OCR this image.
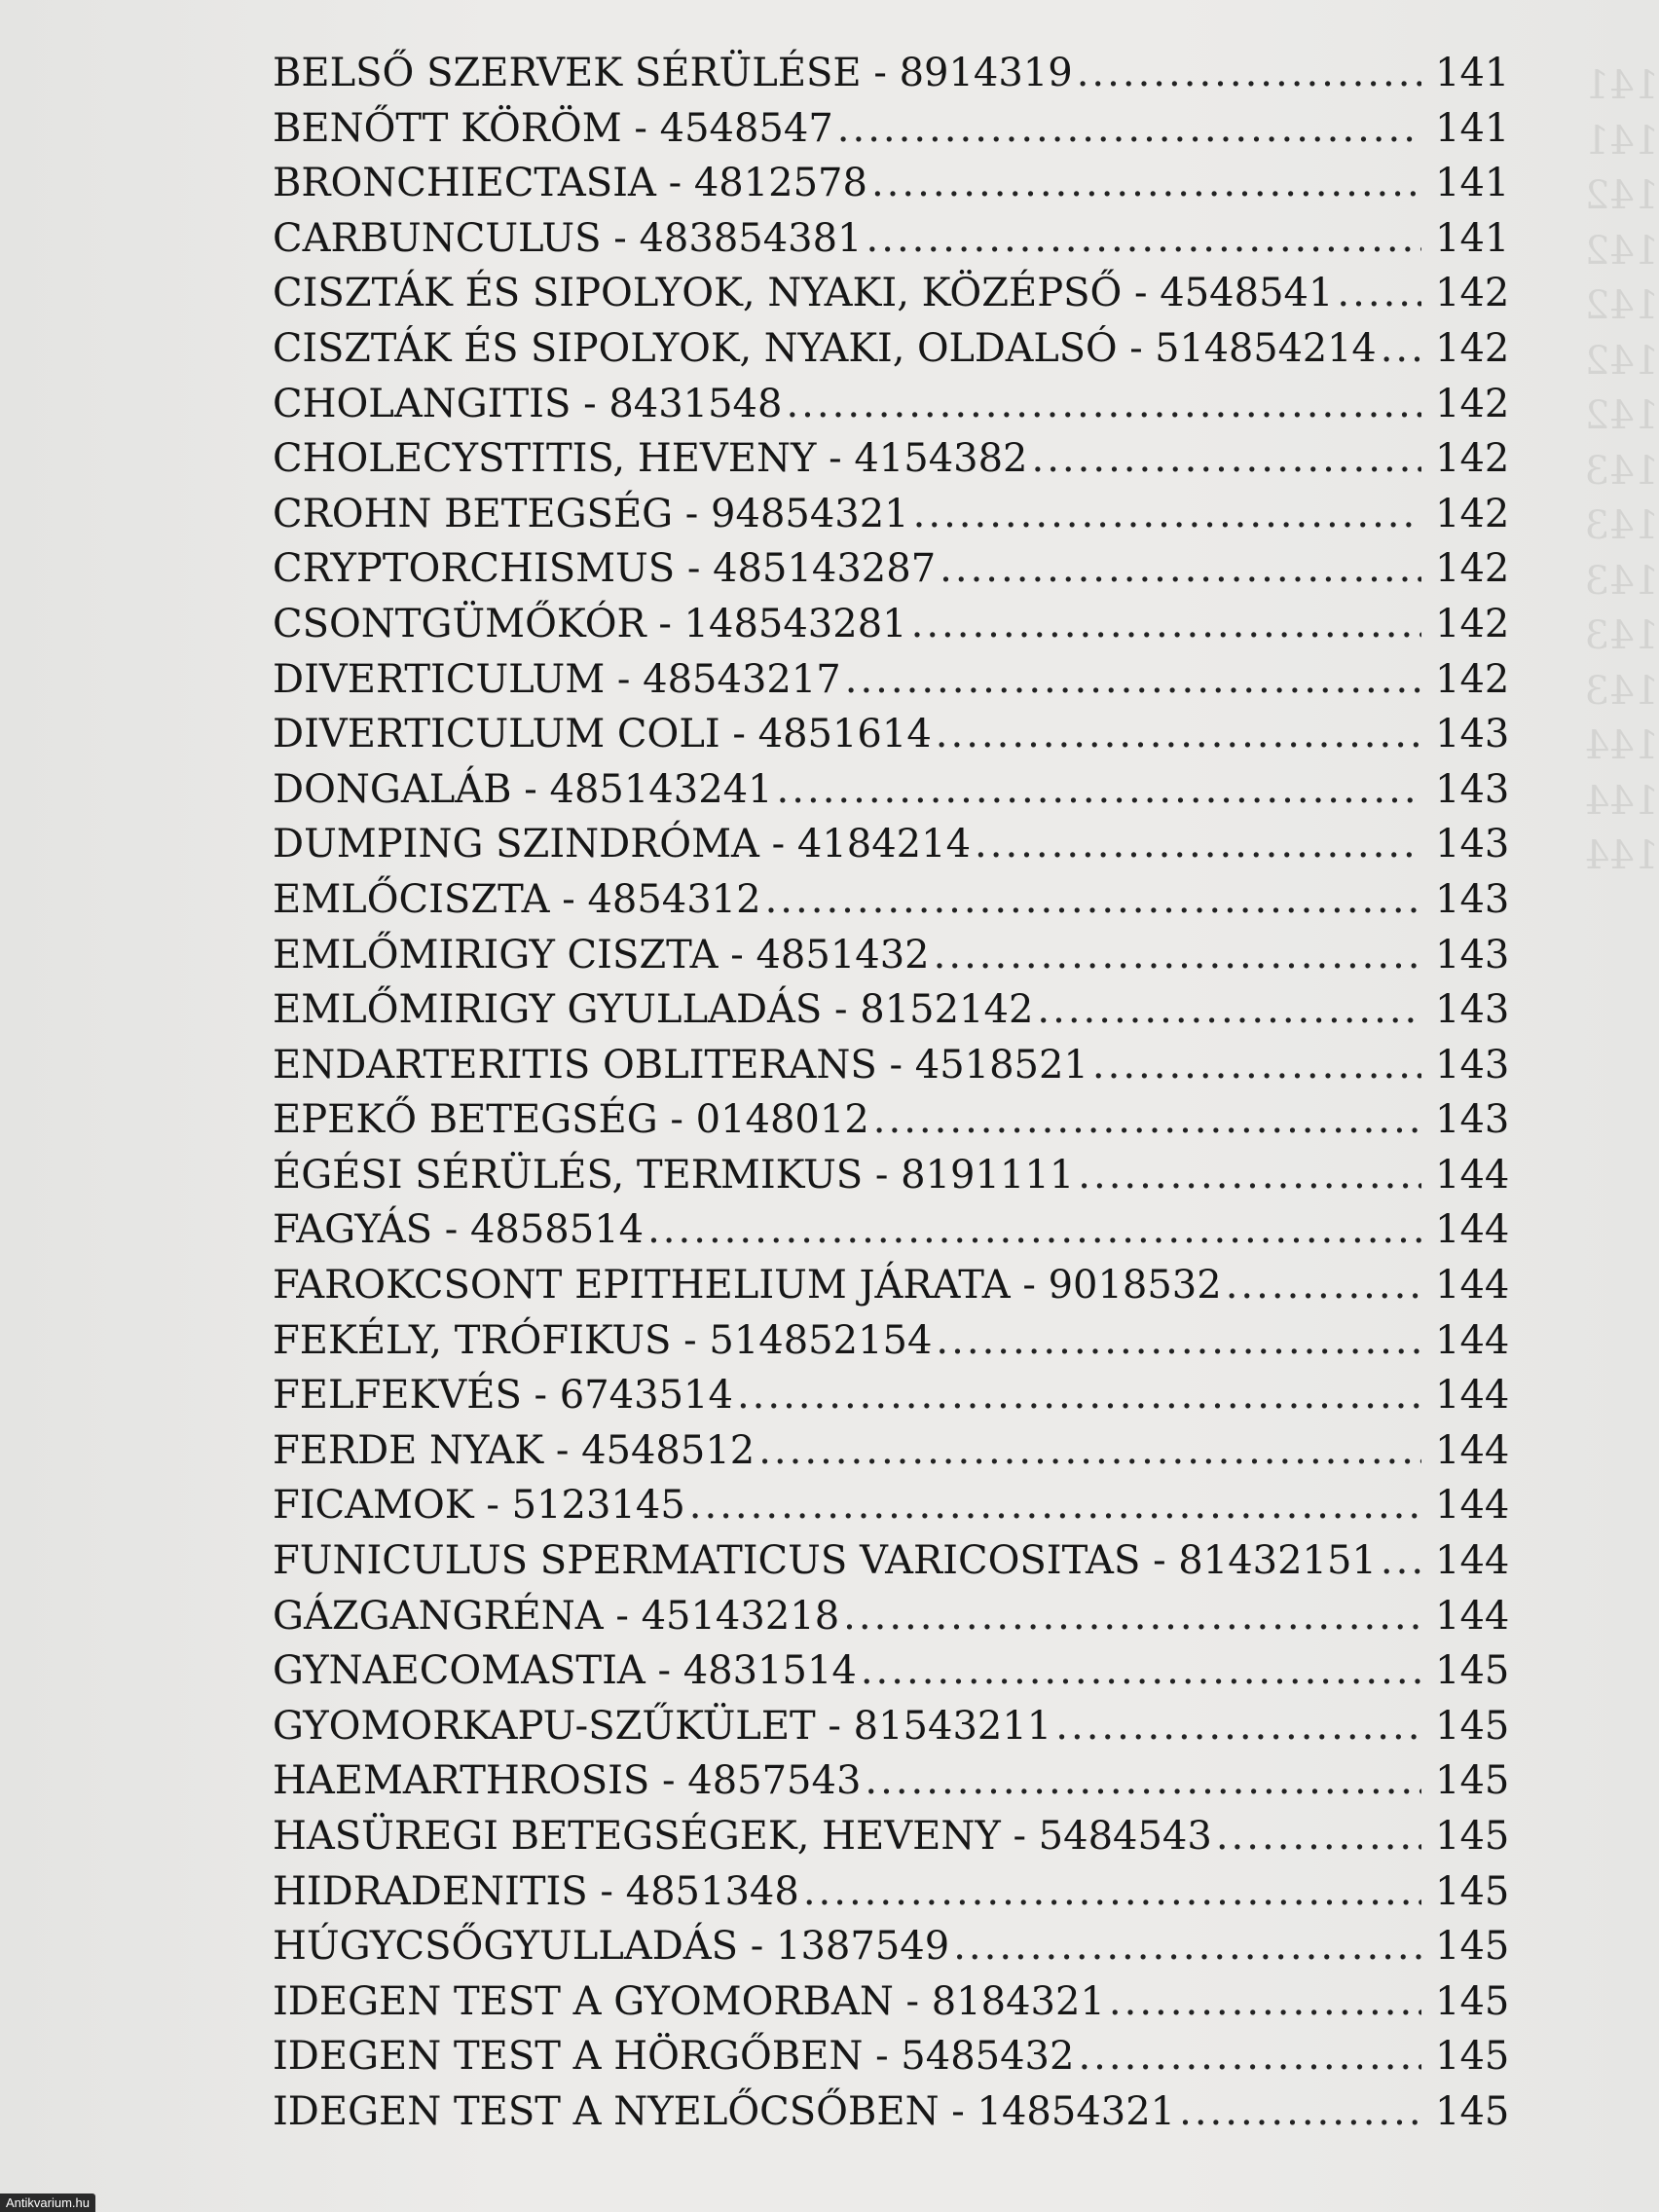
141
141
142
142
142
142
142
143
143
143
143
143
144
144
144
BELSŐ SZERVEK SÉRÜLÉSE - 8914319 .....	141
BENŐTT KÖRÖM - 4548547 .....	141
BRONCHIECTASIA - 4812578 .....	141
CARBUNCULUS - 483854381 .....	141
CISZTÁK ÉS SIPOLYOK, NYAKI, KÖZÉPSŐ - 4548541 .....	142
CISZTÁK ÉS SIPOLYOK, NYAKI, OLDALSÓ - 514854214 ..... 142
CHOLANGITIS - 8431548 .....	142
CHOLECYSTITIS, HEVENY - 4154382 .....	142
CROHN BETEGSÉG - 94854321 .....	142
CRYPTORCHISMUS - 485143287 .....	142
CSONTGÜMŐKÓR - 148543281 .....	142
DIVERTICULUM - 48543217 .....	142
DIVERTICULUM COLI - 4851614 .....	143
DONGALÁB - 485143241 .....	143
DUMPING SZINDRÓMA - 4184214 .....	143
EMLŐCISZTA - 4854312 .....	143
EMLŐMIRIGY CISZTA - 4851432 .....	143
EMLŐMIRIGY GYULLADÁS - 8152142 .....	143
ENDARTERITIS OBLITERANS - 4518521 .....	143
EPEKŐ BETEGSÉG - 0148012 .....	143
ÉGÉSI SÉRÜLÉS, TERMIKUS - 8191111 .....	144
FAGYÁS - 4858514 .....	144
FAROKCSONT EPITHELIUM JÁRATA - 9018532 .....	144
FEKÉLY, TRÓFIKUS - 514852154 .....	144
FELFEKVÉS - 6743514 .....	144
FERDE NYAK - 4548512 .....	144
FICAMOK - 5123145 .....	144
FUNICULUS SPERMATICUS VARICOSITAS - 81432151 ..... 144
GÁZGANGRÉNA - 45143218 .....	144
GYNAECOMASTIA - 4831514 .....	145
GYOMORKAPU-SZŰKÜLET - 81543211 .....	145
HAEMARTHROSIS - 4857543 .....	145
HASÜREGI BETEGSÉGEK, HEVENY - 5484543 .....	145
HIDRADENITIS - 4851348 .....	145
HÚGYCSŐGYULLADÁS - 1387549 .....	145
IDEGEN TEST A GYOMORBAN - 8184321 .....	145
IDEGEN TEST A HÖRGŐBEN - 5485432 .....	145
IDEGEN TEST A NYELŐCSŐBEN - 14854321 .....	145
Antikvarium.hu
